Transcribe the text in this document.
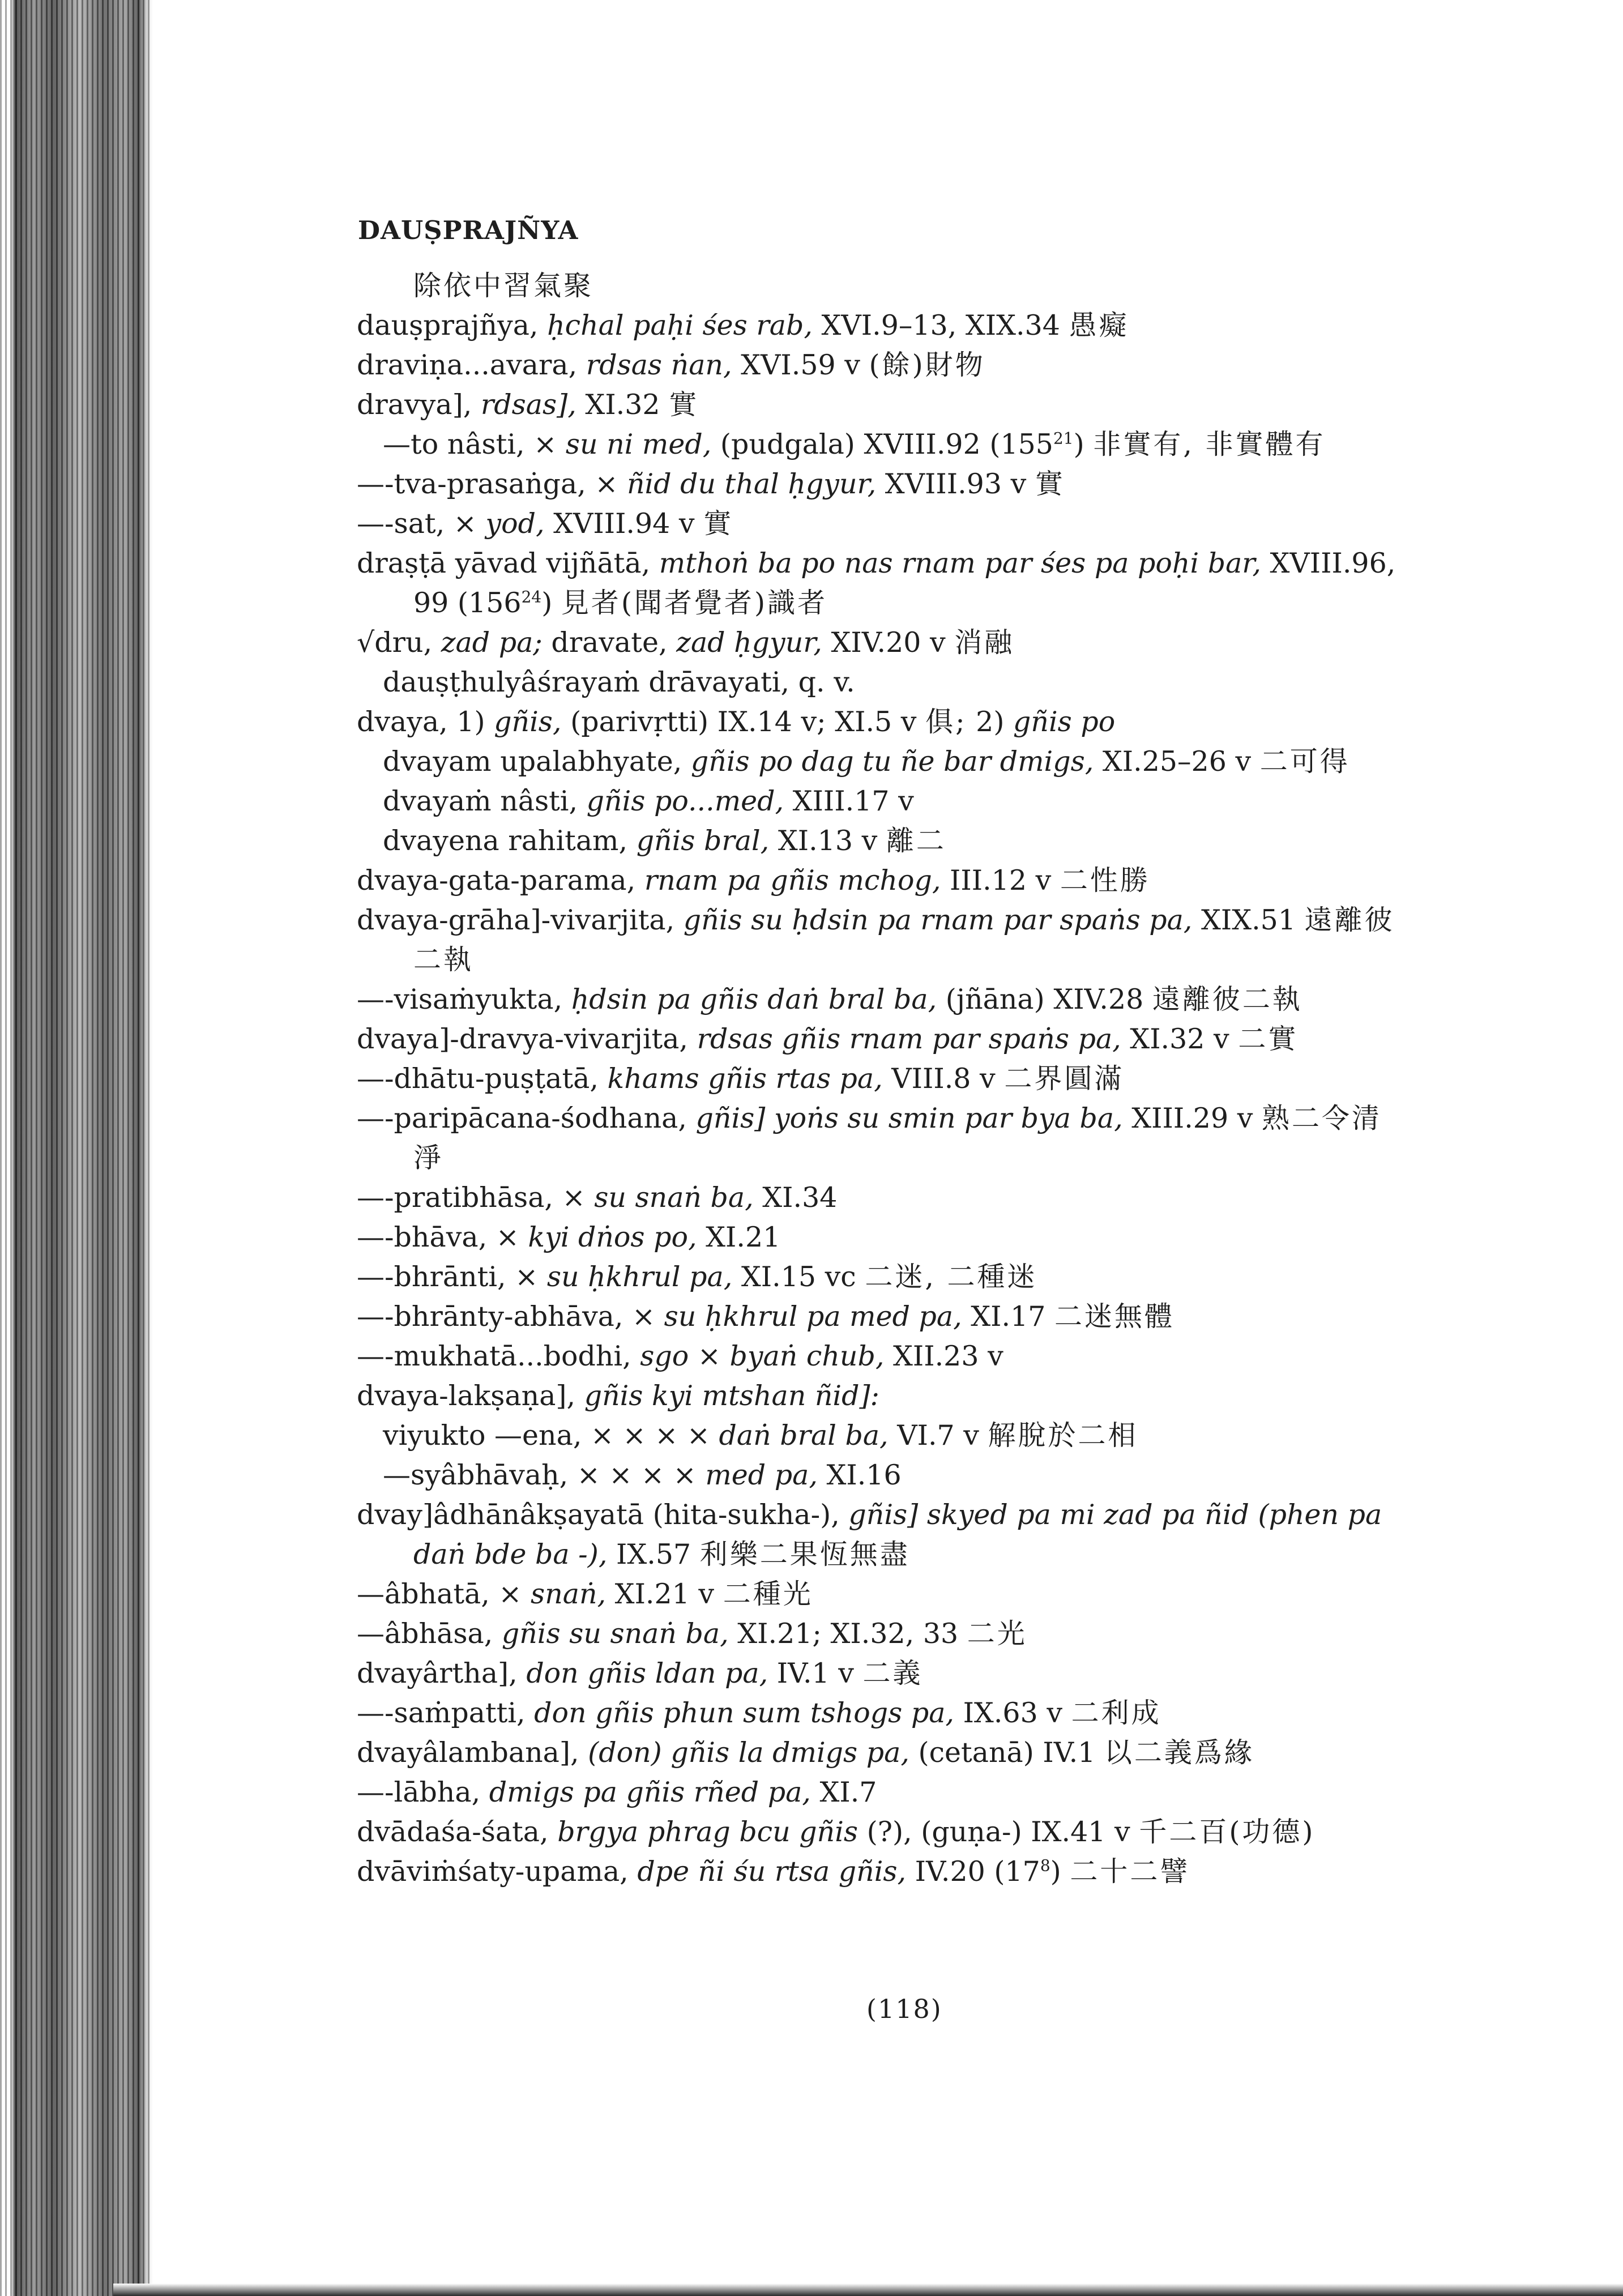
DAUṢPRAJÑYA
除依中習氣聚
dauṣprajñya, ḥchal paḥi śes rab, XVI.9–13, XIX.34 愚癡
draviṇa...avara, rdsas ṅan, XVI.59 v (餘)財物
dravya], rdsas], XI.32 實
—to nâsti, × su ni med, (pudgala) XVIII.92 $(155^{21})$ 非實有, 非實體有
—-tva-prasaṅga, × ñid du thal ḥgyur, XVIII.93 v 實
—-sat, × yod, XVIII.94 v 實
draṣṭā yāvad vijñātā, mthoṅ ba po nas rnam par śes pa poḥi bar, XVIII.96,
99 $(156^{24})$ 見者(聞者覺者)識者
√dru, zad pa; dravate, zad ḥgyur, XIV.20 v 消融
dauṣṭhulyâśrayaṁ drāvayati, q. v.
dvaya, 1) gñis, (parivṛtti) IX.14 v; XI.5 v 俱; 2) gñis po
dvayam upalabhyate, gñis po dag tu ñe bar dmigs, XI.25–26 v 二可得
dvayaṁ nâsti, gñis po...med, XIII.17 v
dvayena rahitam, gñis bral, XI.13 v 離二
dvaya-gata-parama, rnam pa gñis mchog, III.12 v 二性勝
dvaya-grāha]-vivarjita, gñis su ḥdsin pa rnam par spaṅs pa, XIX.51 遠離彼
二執
—-visaṁyukta, ḥdsin pa gñis daṅ bral ba, (jñāna) XIV.28 遠離彼二執
dvaya]-dravya-vivarjita, rdsas gñis rnam par spaṅs pa, XI.32 v 二實
—-dhātu-puṣṭatā, khams gñis rtas pa, VIII.8 v 二界圓滿
—-paripācana-śodhana, gñis] yoṅs su smin par bya ba, XIII.29 v 熟二令清
淨
—-pratibhāsa, × su snaṅ ba, XI.34
—-bhāva, × kyi dṅos po, XI.21
—-bhrānti, × su ḥkhrul pa, XI.15 vc 二迷, 二種迷
—-bhrānty-abhāva, × su ḥkhrul pa med pa, XI.17 二迷無體
—-mukhatā...bodhi, sgo × byaṅ chub, XII.23 v
dvaya-lakṣaṇa], gñis kyi mtshan ñid]:
viyukto —ena, × × × × daṅ bral ba, VI.7 v 解脫於二相
—syâbhāvaḥ, × × × × med pa, XI.16
dvay]âdhānâkṣayatā (hita-sukha-), gñis] skyed pa mi zad pa ñid (phen pa
daṅ bde ba -), IX.57 利樂二果恆無盡
—âbhatā, × snaṅ, XI.21 v 二種光
—âbhāsa, gñis su snaṅ ba, XI.21; XI.32, 33 二光
dvayârtha], don gñis ldan pa, IV.1 v 二義
—-saṁpatti, don gñis phun sum tshogs pa, IX.63 v 二利成
dvayâlambana], (don) gñis la dmigs pa, (cetanā) IV.1 以二義爲緣
—-lābha, dmigs pa gñis rñed pa, XI.7
dvādaśa-śata, brgya phrag bcu gñis (?), (guṇa-) IX.41 v 千二百(功德)
dvāviṁśaty-upama, dpe ñi śu rtsa gñis, IV.20 $(17^8)$ 二十二譬
(118)
